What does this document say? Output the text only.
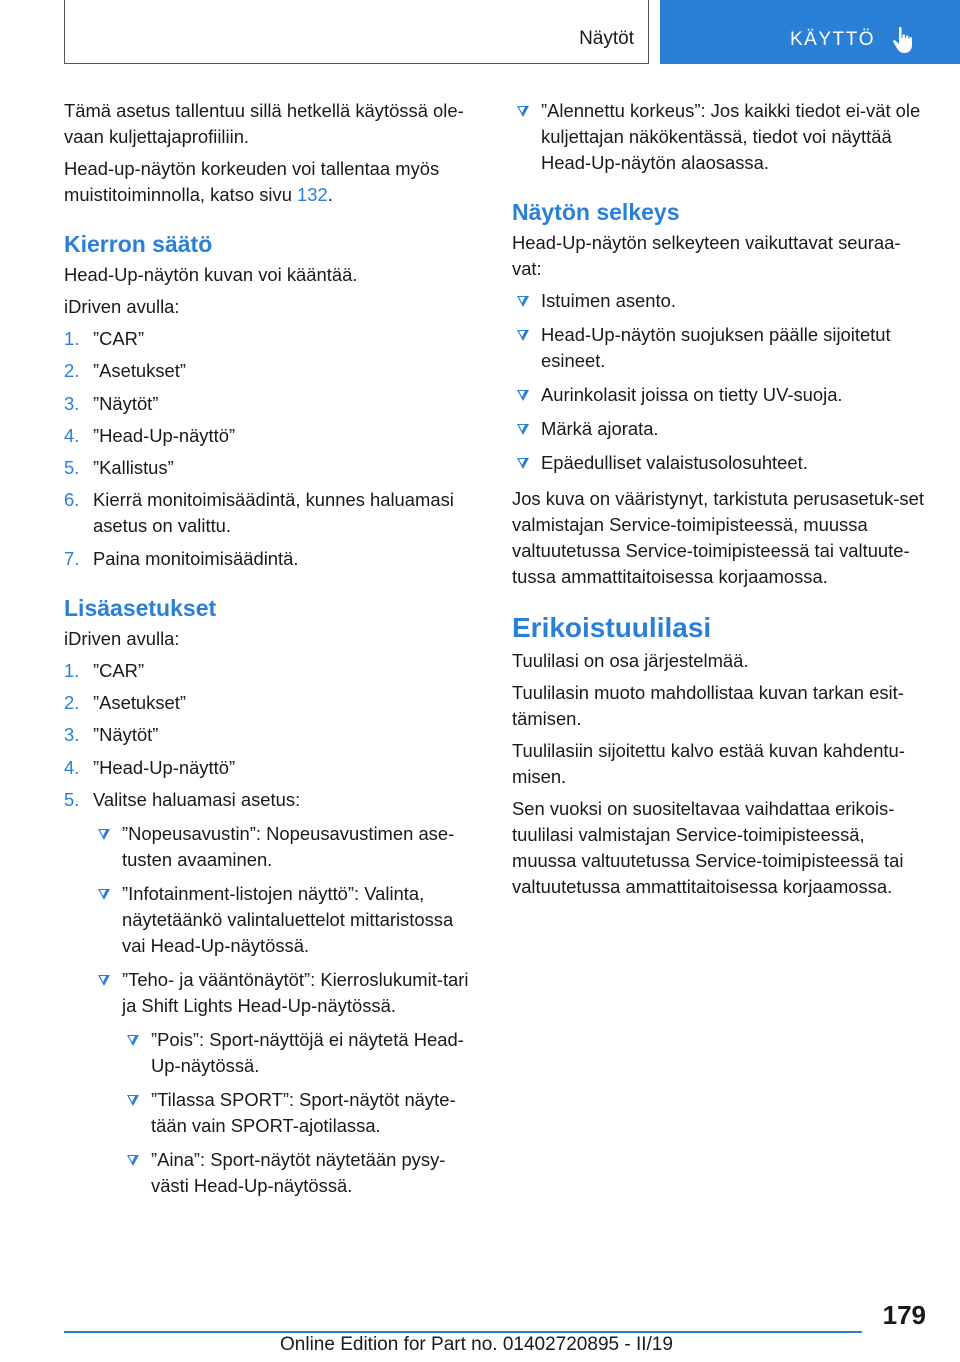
Näytöt	KÄYTTÖ

Tämä asetus tallentuu sillä hetkellä käytössä ole‐vaan kuljettajaprofiiliin.

Head-up-näytön korkeuden voi tallentaa myös muistitoiminnolla, katso sivu 132.

Kierron säätö

Head-Up-näytön kuvan voi kääntää.

iDriven avulla:

1. ”CAR”
2. ”Asetukset”
3. ”Näytöt”
4. ”Head-Up-näyttö”
5. ”Kallistus”
6. Kierrä monitoimisäädintä, kunnes haluamasi asetus on valittu.
7. Paina monitoimisäädintä.
Lisäasetukset

iDriven avulla:

1. ”CAR”
2. ”Asetukset”
3. ”Näytöt”
4. ”Head-Up-näyttö”
5. Valitse haluamasi asetus:
”Nopeusavustin”: Nopeusavustimen ase‐tusten avaaminen.
”Infotainment-listojen näyttö”: Valinta, näytetäänkö valintaluettelot mittaristossa vai Head-Up-näytössä.
”Teho- ja vääntönäytöt”: Kierroslukumit‐tari ja Shift Lights Head-Up-näytössä.
”Pois”: Sport-näyttöjä ei näytetä Head-Up-näytössä.
”Tilassa SPORT”: Sport-näytöt näyte‐tään vain SPORT-ajotilassa.
”Aina”: Sport-näytöt näytetään pysy‐västi Head-Up-näytössä.
”Alennettu korkeus”: Jos kaikki tiedot ei‐vät ole kuljettajan näkökentässä, tiedot voi näyttää Head-Up-näytön alaosassa.
Näytön selkeys

Head-Up-näytön selkeyteen vaikuttavat seuraa‐vat:

Istuimen asento.
Head-Up-näytön suojuksen päälle sijoitetut esineet.
Aurinkolasit joissa on tietty UV-suoja.
Märkä ajorata.
Epäedulliset valaistusolosuhteet.

Jos kuva on vääristynyt, tarkistuta perusasetuk‐set valmistajan Service-toimipisteessä, muussa valtuutetussa Service-toimipisteessä tai valtuute‐tussa ammattitaitoisessa korjaamossa.

Erikoistuulilasi

Tuulilasi on osa järjestelmää.

Tuulilasin muoto mahdollistaa kuvan tarkan esit‐tämisen.

Tuulilasiin sijoitettu kalvo estää kuvan kahdentu‐misen.

Sen vuoksi on suositeltavaa vaihdattaa erikois‐tuulilasi valmistajan Service-toimipisteessä, muussa valtuutetussa Service-toimipisteessä tai valtuutetussa ammattitaitoisessa korjaamossa.

179
Online Edition for Part no. 01402720895 - II/19
